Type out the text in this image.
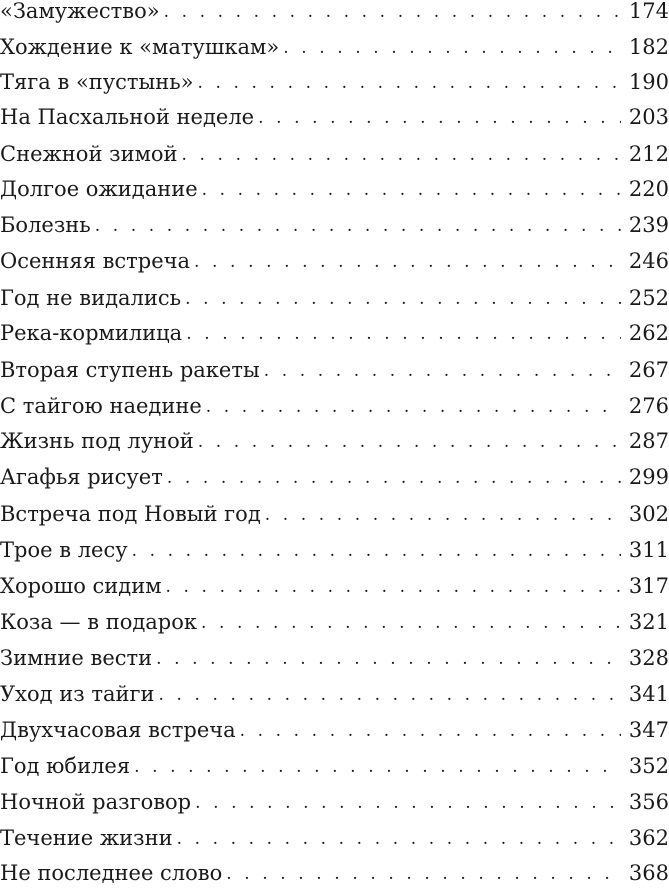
«Замужество» . . .	174
Хождение к «матушкам» . . .	182
Тяга в «пустынь» . . .	190
На Пасхальной неделе . . .	203
Снежной зимой . . .	212
Долгое ожидание . . .	220
Болезнь . . .	239
Осенняя встреча . . .	246
Год не видались . . .	252
Река-кормилица . . .	262
Вторая ступень ракеты . . .	267
С тайгою наедине . . .	276
Жизнь под луной . . .	287
Агафья рисует . . .	299
Встреча под Новый год . . .	302
Трое в лесу . . .	311
Хорошо сидим . . .	317
Коза — в подарок . . .	321
Зимние вести . . .	328
Уход из тайги . . .	341
Двухчасовая встреча . . .	347
Год юбилея . . .	352
Ночной разговор . . .	356
Течение жизни . . .	362
Не последнее слово . . .	368
